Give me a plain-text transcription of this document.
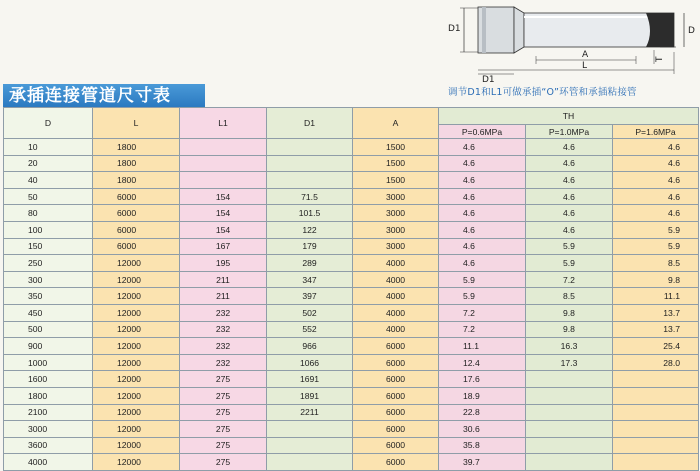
D1	D
A
L
D1
T
调节D1和L1可做承插“O”环管和承插粘接管
承插连接管道尺寸表
D	L	L1	D1	A	TH		
					P=0.6MPa	P=1.0MPa	P=1.6MPa
10	1800			1500	4.6	4.6	4.6
20	1800			1500	4.6	4.6	4.6
40	1800			1500	4.6	4.6	4.6
50	6000	154	71.5	3000	4.6	4.6	4.6
80	6000	154	101.5	3000	4.6	4.6	4.6
100	6000	154	122	3000	4.6	4.6	5.9
150	6000	167	179	3000	4.6	5.9	5.9
250	12000	195	289	4000	4.6	5.9	8.5
300	12000	211	347	4000	5.9	7.2	9.8
350	12000	211	397	4000	5.9	8.5	11.1
450	12000	232	502	4000	7.2	9.8	13.7
500	12000	232	552	4000	7.2	9.8	13.7
900	12000	232	966	6000	11.1	16.3	25.4
1000	12000	232	1066	6000	12.4	17.3	28.0
1600	12000	275	1691	6000	17.6		
1800	12000	275	1891	6000	18.9		
2100	12000	275	2211	6000	22.8		
3000	12000	275		6000	30.6		
3600	12000	275		6000	35.8		
4000	12000	275		6000	39.7		
